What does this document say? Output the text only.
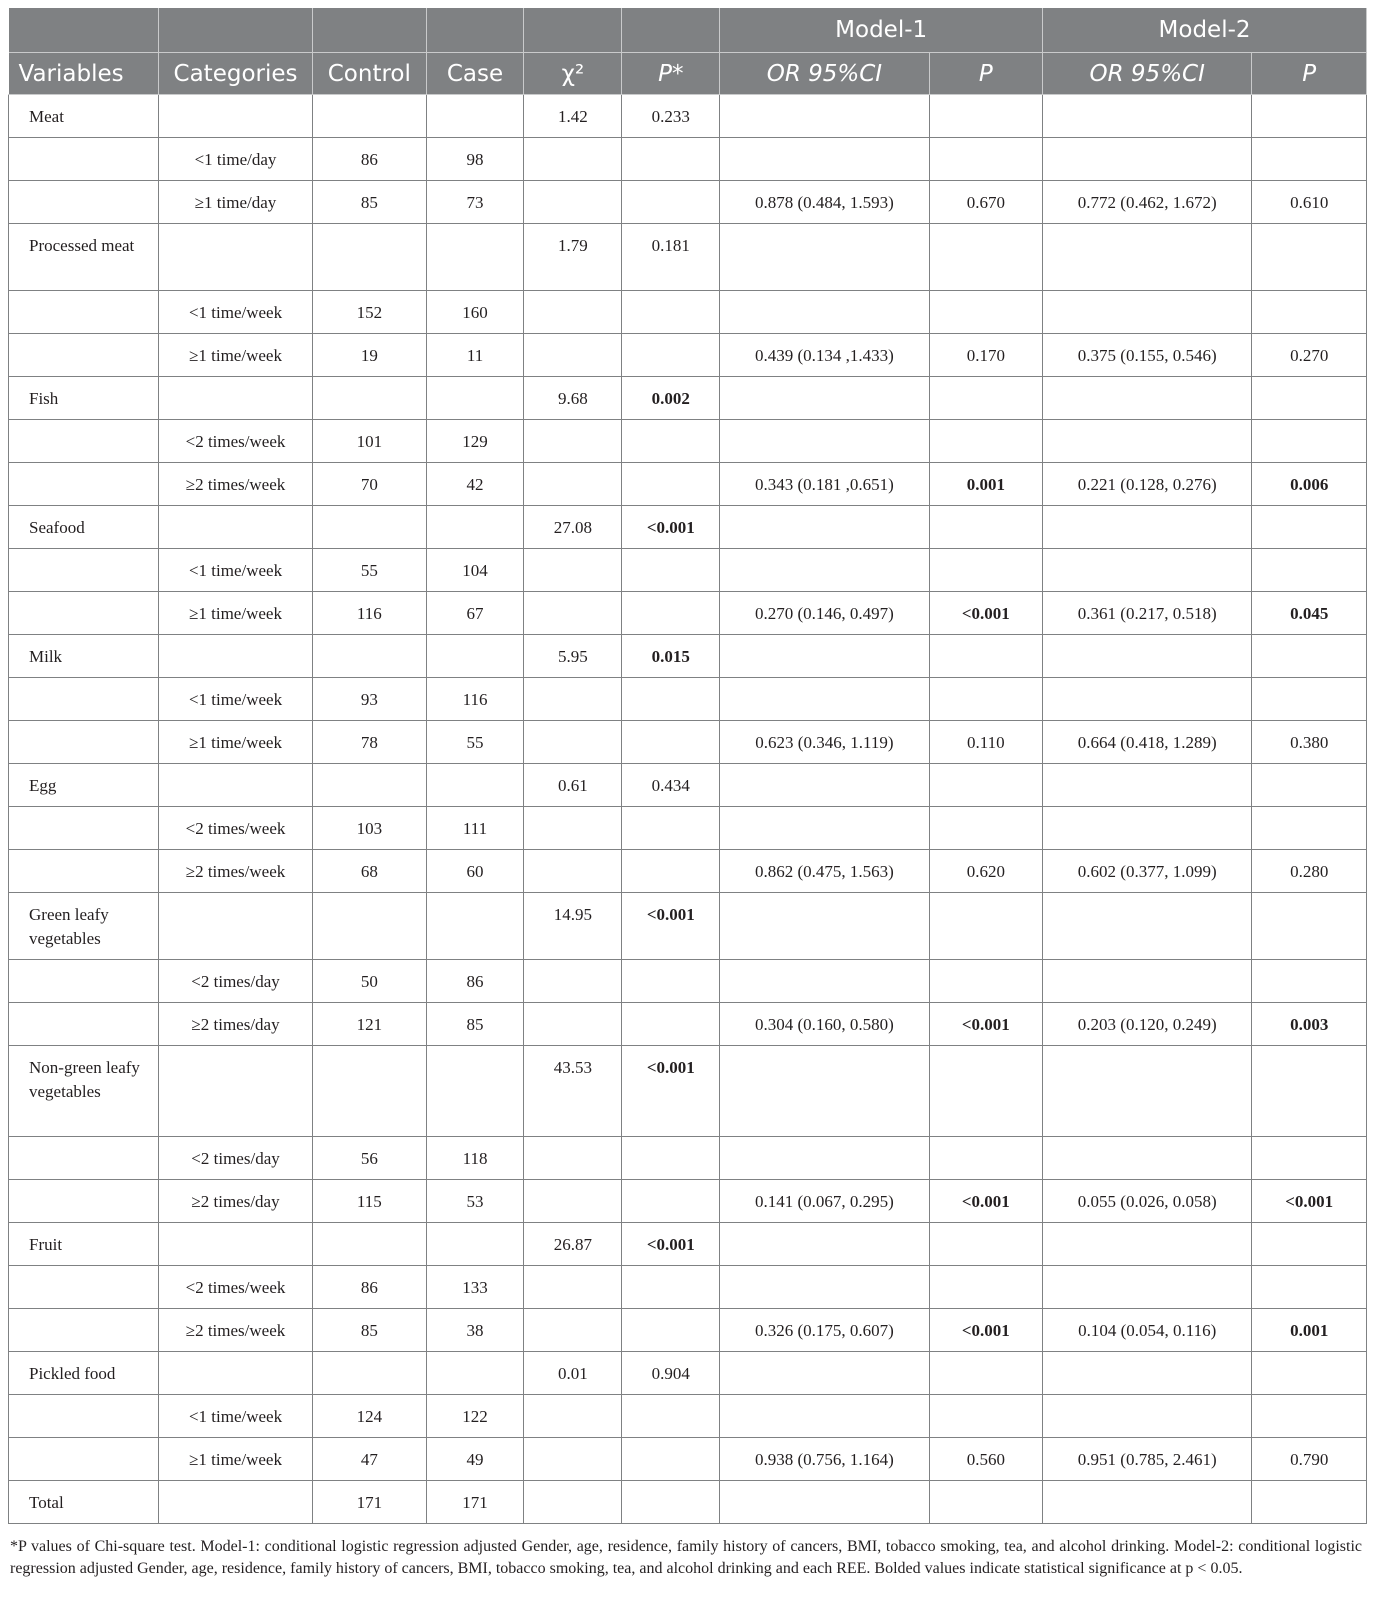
						Model-1		Model-2	
Variables	Categories	Control	Case	χ²	P*	OR 95%CI	P	OR 95%CI	P
Meat				1.42	0.233				
	<1 time/day	86	98						
	≥1 time/day	85	73			0.878 (0.484, 1.593)	0.670	0.772 (0.462, 1.672)	0.610
Processed meat				1.79	0.181				
	<1 time/week	152	160						
	≥1 time/week	19	11			0.439 (0.134 ,1.433)	0.170	0.375 (0.155, 0.546)	0.270
Fish				9.68	0.002				
	<2 times/week	101	129						
	≥2 times/week	70	42			0.343 (0.181 ,0.651)	0.001	0.221 (0.128, 0.276)	0.006
Seafood				27.08	<0.001				
	<1 time/week	55	104						
	≥1 time/week	116	67			0.270 (0.146, 0.497)	<0.001	0.361 (0.217, 0.518)	0.045
Milk				5.95	0.015				
	<1 time/week	93	116						
	≥1 time/week	78	55			0.623 (0.346, 1.119)	0.110	0.664 (0.418, 1.289)	0.380
Egg				0.61	0.434				
	<2 times/week	103	111						
	≥2 times/week	68	60			0.862 (0.475, 1.563)	0.620	0.602 (0.377, 1.099)	0.280
Green leafy vegetables				14.95	<0.001				
	<2 times/day	50	86						
	≥2 times/day	121	85			0.304 (0.160, 0.580)	<0.001	0.203 (0.120, 0.249)	0.003
Non-green leafy vegetables				43.53	<0.001				
	<2 times/day	56	118						
	≥2 times/day	115	53			0.141 (0.067, 0.295)	<0.001	0.055 (0.026, 0.058)	<0.001
Fruit				26.87	<0.001				
	<2 times/week	86	133						
	≥2 times/week	85	38			0.326 (0.175, 0.607)	<0.001	0.104 (0.054, 0.116)	0.001
Pickled food				0.01	0.904				
	<1 time/week	124	122						
	≥1 time/week	47	49			0.938 (0.756, 1.164)	0.560	0.951 (0.785, 2.461)	0.790
Total		171	171						
*P values of Chi-square test. Model-1: conditional logistic regression adjusted Gender, age, residence, family history of cancers, BMI, tobacco smoking, tea, and alcohol drinking. Model-2: conditional logistic regression adjusted Gender, age, residence, family history of cancers, BMI, tobacco smoking, tea, and alcohol drinking and each REE. Bolded values indicate statistical significance at p < 0.05.
